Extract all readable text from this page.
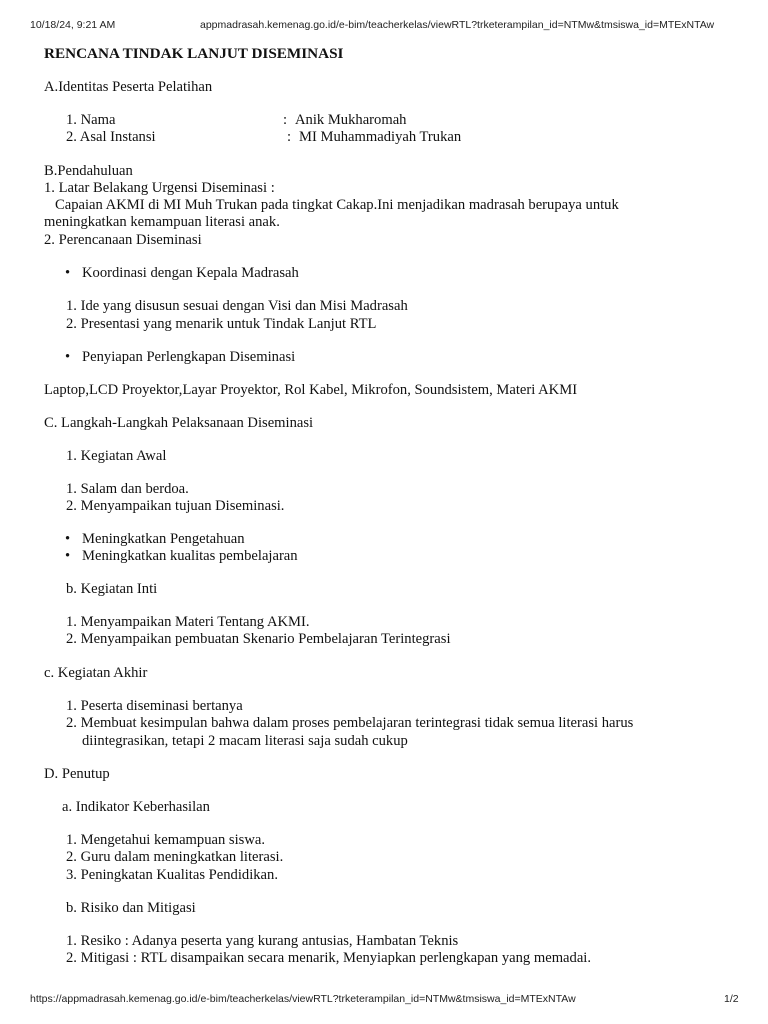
10/18/24, 9:21 AM	appmadrasah.kemenag.go.id/e-bim/teacherkelas/viewRTL?trketerampilan_id=NTMw&tmsiswa_id=MTExNTAw
RENCANA TINDAK LANJUT DISEMINASI
A.Identitas Peserta Pelatihan
1. Nama	: Anik Mukharomah
2. Asal Instansi	: MI Muhammadiyah Trukan
B.Pendahuluan
1. Latar Belakang Urgensi Diseminasi :
Capaian AKMI di MI Muh Trukan pada tingkat Cakap.Ini menjadikan madrasah berupaya untuk
meningkatkan kemampuan literasi anak.
2. Perencanaan Diseminasi
• Koordinasi dengan Kepala Madrasah
1. Ide yang disusun sesuai dengan Visi dan Misi Madrasah
2. Presentasi yang menarik untuk Tindak Lanjut RTL
• Penyiapan Perlengkapan Diseminasi
Laptop,LCD Proyektor,Layar Proyektor, Rol Kabel, Mikrofon, Soundsistem, Materi AKMI
C. Langkah-Langkah Pelaksanaan Diseminasi
1. Kegiatan Awal
1. Salam dan berdoa.
2. Menyampaikan tujuan Diseminasi.
• Meningkatkan Pengetahuan
• Meningkatkan kualitas pembelajaran
b. Kegiatan Inti
1. Menyampaikan Materi Tentang AKMI.
2. Menyampaikan pembuatan Skenario Pembelajaran Terintegrasi
c. Kegiatan Akhir
1. Peserta diseminasi bertanya
2. Membuat kesimpulan bahwa dalam proses pembelajaran terintegrasi tidak semua literasi harus
diintegrasikan, tetapi 2 macam literasi saja sudah cukup
D. Penutup
a. Indikator Keberhasilan
1. Mengetahui kemampuan siswa.
2. Guru dalam meningkatkan literasi.
3. Peningkatan Kualitas Pendidikan.
b. Risiko dan Mitigasi
1. Resiko : Adanya peserta yang kurang antusias, Hambatan Teknis
2. Mitigasi : RTL disampaikan secara menarik, Menyiapkan perlengkapan yang memadai.
https://appmadrasah.kemenag.go.id/e-bim/teacherkelas/viewRTL?trketerampilan_id=NTMw&tmsiswa_id=MTExNTAw	1/2
